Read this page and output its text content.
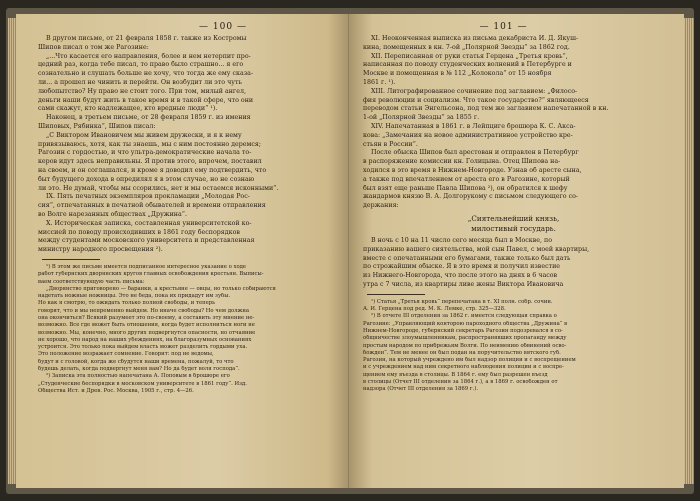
— 100 —

В другом письме, от 21 февраля 1858 г. также из Костромы

Шипов писал о том же Рагозине:

„...Что касается его направления, более и нем нетерпит про-

цедний раз, когда тебе писал, то право было страшно... я его

сознательно и слушать больше не хочу, что тогда же ему сказа-

ли... а прошел не чинить и перейти. Он возбудит ли это чуть

любопытство? Ну право не стоит того. При том, милый ангел,

деньги наши будут жить в такое время и в такой сфере, что они

сами скажут, кто надлежащее, кто вредные люди“ ¹).

Наконец, в третьем письме, от 28 февраля 1859 г. из имения

Шиповых, Рябинка“, Шипов писал:

„С Виктором Ивановичем мы живем дружески, и я к нему

привязываюсь, хотя, как ты знаешь, мы с ним постоянно деремся;

Рагозин с гордостью, и что ультра-демократические начала то-

керов идут здесь неправильны. Я против этого, впрочем, поставил

на своем, и он соглашался, и кроме я доводил ему подтвердить, что

быт будущего дохода в опредилял я в этом случае, но не сознаю

ли это. Не думай, чтобы мы ссорились, нет и мы остаемся исконными“.

IX. Пять печатных экземпляров прокламации „Молодая Рос-

сия“, отпечатанных в печатной обывателей и времени отправления

во Волге нарезанных обществах „Дружина“.

X. Историческая записка, составленная университетской ко-

миссией по поводу происходивших в 1861 году беспорядков

между студентами московского университета и представленная

министру народного просвещения ²).

¹) В этом же письме имеется подписанное интересное указание о ходе

работ губернских дворянских кругов главных освобождения крестьян. Выписы-

ваем соответствующую часть письма:

„Дворянство приговорено — баранки, а крестьяне — овцы, но только собираются

надетать ножные ножницы. Это не беда, пока их придадут им зубы.

Но как я смотрю, то ожидать только полной свободы, и теперь

говорят, что и мы непременно выйдем. Но иначе свободы? Но чем должна

она окончиться? Всякий разумеет это по-своему, а составить эту мнение не-

возможно. Все где может быть отношения, когда будет исполниться ноги не

возможно. Мы, конечно, много других подвергнутся опасности, но отчаяние

не хорошо, что народ на наших убеждениях, на благоразумных основаниях

устроится. Это только пока выйдем власть может разделить гордыми уха.

Это положение возражает сомнение. Говорит: под не ведомы,

будут и с головой, когда же сбудутся наши времена, пожалуй, то что

будешь делать, когда подвергнут меня вам? Но да будет воля господа“.

²) Записка эта полностью напечатана А. Поповым в брошюре его

„Студенческие беспорядки в московском университете в 1861 году“. Изд.

Общества Ист. и Древ. Рос. Москва, 1905 г., стр. 4—26.

— 101 —

XI. Неоконченная выписка из письма декабриста И. Д. Якуш-

кина, помещенных в кн. 7-ой „Полярной Звезды“ за 1862 год.

XII. Переписанная от руки статья Герцена „Третья кровь“,

написанная по поводу студенческих волнений в Петербурге и

Москве и помещенная в № 112 „Колокола“ от 15 ноября

1861 г. ¹).

XIII. Литографированное сочинение под заглавием: „Филосо-

фия революции и социализм. Что такое государство?“ являющееся

переводом статьи Энгельсона, под тем же заглавием напечатанной в кн.

1-ой „Полярной Звезды“ за 1855 г.

XIV. Напечатанная в 1861 г. в Лейпциге брошюра К. С. Акса-

кова: „Замечания на новое административное устройство кре-

стьян в России“.

После обыска Шипов был арестован и отправлен в Петербург

в распоряжение комиссии кн. Голицына. Отец Шипова на-

ходился в это время в Нижнем-Новгороде. Узнав об аресте сына,

а также под впечатлением от ареста его в Рагозине, который

был взят еще раньше Павла Шипова ²), он обратился к шефу

жандармов князю В. А. Долгорукому с письмом следующего со-

держания:

„Сиятельнейший князь,

милостивый государь.

В ночь с 10 на 11 число сего месяца был в Москве, по

приказанию вашего сиятельства, мой сын Павел, с моей квартиры,

вместе с опечатанными его бумагами, также только был дать

по строжайшим обыске. Я в это время и получил известие

из Нижнего-Новгорода, что после этого на днях в 6 часов

утра с 7 числа, из квартиры ливе жены Виктора Ивановича

¹) Статья „Третья кровь“ перепечатана в т. XI полн. собр. сочин.

А. И. Герцена под ред. М. К. Лемке, стр. 325—328.

²) В отчете III отделения за 1862 г. имеется следующая справка о

Рагозине: „Управляющий конторою пароходного общества „Дружина“ в

Нижнем-Новгороде, губернский секретарь Рагозин подозревался в со-

общничестве злоумышленникам, распространявших пропаганду между

простым народом по прибрежьям Волги. По неимению обвинений осво-

божден“. Тем не менее он был подан на поручительство вятского губ.

Рагозин, на который учреждено им был надзор полиции и с воспрещением

и с учреждением над ним секретного наблюдения полиции и с воспре-

щением ему въезда в столицы. В 1864 г. ему был разрешен въезд

в столицы (Отчет III отделения за 1864 г.), а в 1869 г. освобожден от

надзора (Отчет III отделения за 1869 г.).
